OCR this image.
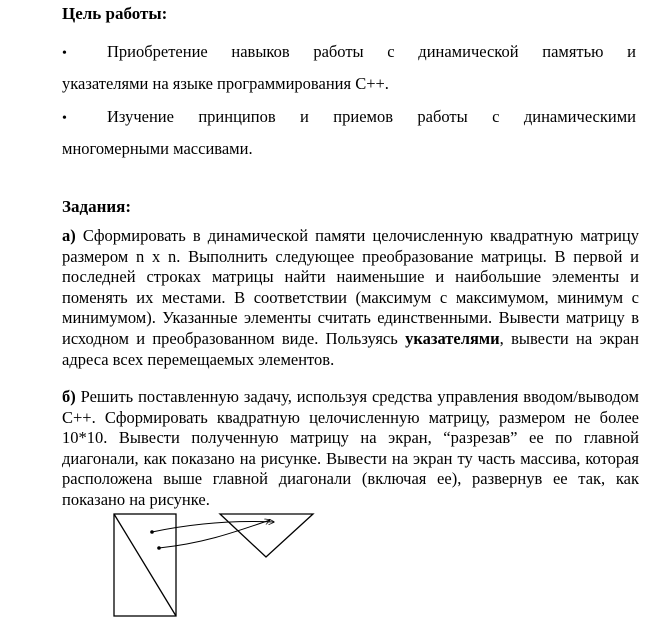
Цель работы:
•	Приобретение навыков работы с динамической памятью и
указателями на языке программирования С++.
•	Изучение принципов и приемов работы с динамическими
многомерными массивами.
Задания:
а) Сформировать в динамической памяти целочисленную квадратную матрицу размером n x n. Выполнить следующее преобразование матрицы. В первой и последней строках матрицы найти наименьшие и наибольшие элементы и поменять их местами. В соответствии (максимум с максимумом, минимум с минимумом). Указанные элементы считать единственными. Вывести матрицу в исходном и преобразованном виде. Пользуясь указателями, вывести на экран адреса всех перемещаемых элементов.
б) Решить поставленную задачу, используя средства управления вводом/выводом С++. Сформировать квадратную целочисленную матрицу, размером не более 10*10. Вывести полученную матрицу на экран, “разрезав” ее по главной диагонали, как показано на рисунке. Вывести на экран ту часть массива, которая расположена выше главной диагонали (включая ее), развернув ее так, как показано на рисунке.
